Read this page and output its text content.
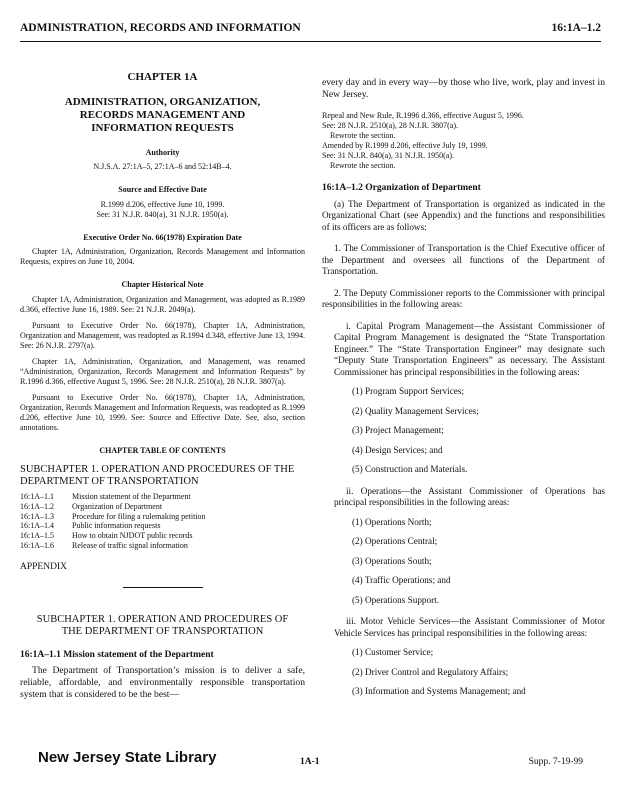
ADMINISTRATION, RECORDS AND INFORMATION	16:1A–1.2
CHAPTER 1A
ADMINISTRATION, ORGANIZATION, RECORDS MANAGEMENT AND INFORMATION REQUESTS
Authority
N.J.S.A. 27:1A–5, 27:1A–6 and 52:14B–4.
Source and Effective Date
R.1999 d.206, effective June 10, 1999.
See: 31 N.J.R. 840(a), 31 N.J.R. 1950(a).
Executive Order No. 66(1978) Expiration Date

Chapter 1A, Administration, Organization, Records Management and Information Requests, expires on June 10, 2004.

Chapter Historical Note

Chapter 1A, Administration, Organization and Management, was adopted as R.1989 d.366, effective June 16, 1989. See: 21 N.J.R. 2049(a).

Pursuant to Executive Order No. 66(1978), Chapter 1A, Administration, Organization and Management, was readopted as R.1994 d.348, effective June 13, 1994. See: 26 N.J.R. 2797(a).

Chapter 1A, Administration, Organization, and Management, was renamed “Administration, Organization, Records Management and Information Requests” by R.1996 d.366, effective August 5, 1996. See: 28 N.J.R. 2510(a), 28 N.J.R. 3807(a).

Pursuant to Executive Order No. 66(1978), Chapter 1A, Administration, Organization, Records Management and Information Requests, was readopted as R.1999 d.206, effective June 10, 1999. See: Source and Effective Date. See, also, section annotations.

CHAPTER TABLE OF CONTENTS
SUBCHAPTER 1. OPERATION AND PROCEDURES OF THE DEPARTMENT OF TRANSPORTATION
16:1A–1.1	Mission statement of the Department
16:1A–1.2	Organization of Department
16:1A–1.3	Procedure for filing a rulemaking petition
16:1A–1.4	Public information requests
16:1A–1.5	How to obtain NJDOT public records
16:1A–1.6	Release of traffic signal information
APPENDIX
SUBCHAPTER 1. OPERATION AND PROCEDURES OF THE DEPARTMENT OF TRANSPORTATION
16:1A–1.1 Mission statement of the Department

The Department of Transportation’s mission is to deliver a safe, reliable, affordable, and environmentally responsible transportation system that is considered to be the best—

every day and in every way—by those who live, work, play and invest in New Jersey.

Repeal and New Rule, R.1996 d.366, effective August 5, 1996.
See: 28 N.J.R. 2510(a), 28 N.J.R. 3807(a).
Rewrote the section.
Amended by R.1999 d.206, effective July 19, 1999.
See: 31 N.J.R. 840(a), 31 N.J.R. 1950(a).
Rewrote the section.
16:1A–1.2 Organization of Department

(a) The Department of Transportation is organized as indicated in the Organizational Chart (see Appendix) and the functions and responsibilities of its officers are as follows:

1. The Commissioner of Transportation is the Chief Executive officer of the Department and oversees all functions of the Department of Transportation.

2. The Deputy Commissioner reports to the Commissioner with principal responsibilities in the following areas:

i. Capital Program Management—the Assistant Commissioner of Capital Program Management is designated the “State Transportation Engineer.” The “State Transportation Engineer” may designate such “Deputy State Transportation Engineers” as necessary. The Assistant Commissioner has principal responsibilities in the following areas:

(1) Program Support Services;
(2) Quality Management Services;
(3) Project Management;
(4) Design Services; and
(5) Construction and Materials.

ii. Operations—the Assistant Commissioner of Operations has principal responsibilities in the following areas:

(1) Operations North;
(2) Operations Central;
(3) Operations South;
(4) Traffic Operations; and
(5) Operations Support.

iii. Motor Vehicle Services—the Assistant Commissioner of Motor Vehicle Services has principal responsibilities in the following areas:

(1) Customer Service;
(2) Driver Control and Regulatory Affairs;
(3) Information and Systems Management; and
New Jersey State Library	1A-1	Supp. 7-19-99
